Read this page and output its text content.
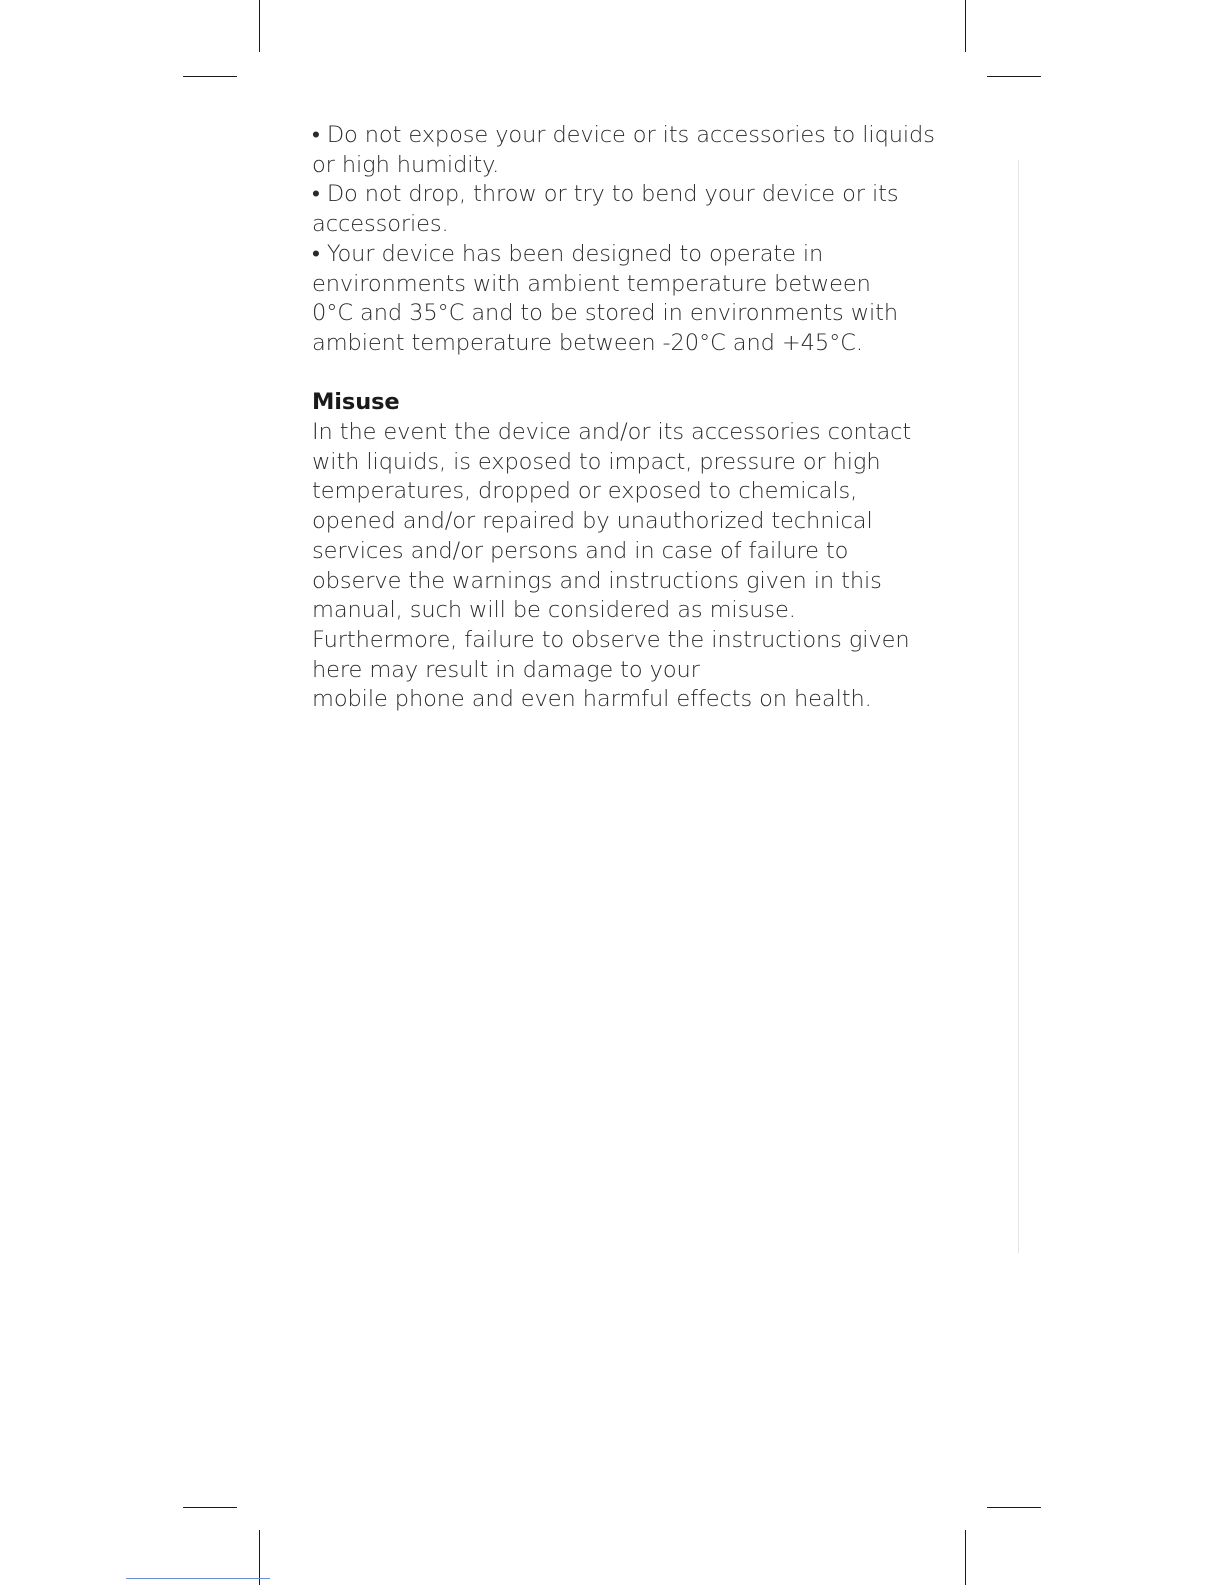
• Do not expose your device or its accessories to liquids
or high humidity.
• Do not drop, throw or try to bend your device or its
accessories.
• Your device has been designed to operate in
environments with ambient temperature between
0°C and 35°C and to be stored in environments with
ambient temperature between -20°C and +45°C.
Misuse
In the event the device and/or its accessories contact
with liquids, is exposed to impact, pressure or high
temperatures, dropped or exposed to chemicals,
opened and/or repaired by unauthorized technical
services and/or persons and in case of failure to
observe the warnings and instructions given in this
manual, such will be considered as misuse.
Furthermore, failure to observe the instructions given
here may result in damage to your
mobile phone and even harmful effects on health.
